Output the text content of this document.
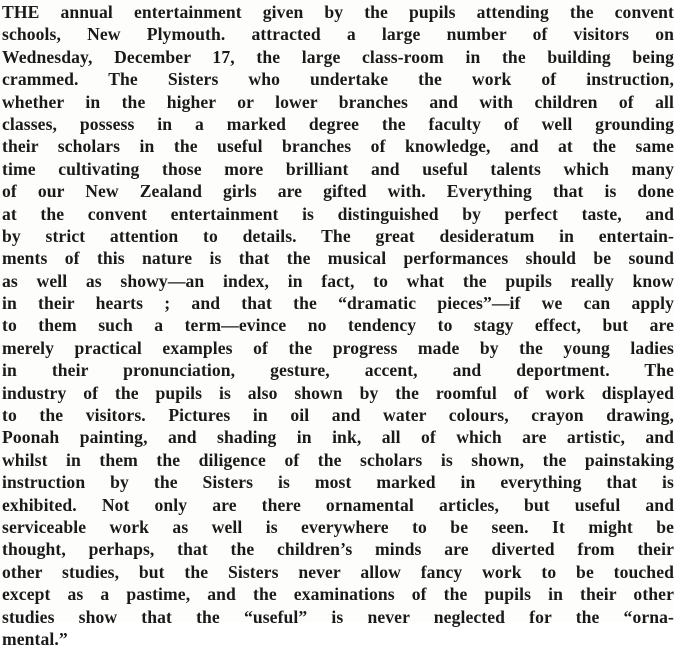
THE annual entertainment given by the pupils attending the convent
schools, New Plymouth. attracted a large number of visitors on
Wednesday, December 17, the large class-room in the building being
crammed. The Sisters who undertake the work of instruction,
whether in the higher or lower branches and with children of all
classes, possess in a marked degree the faculty of well grounding
their scholars in the useful branches of knowledge, and at the same
time cultivating those more brilliant and useful talents which many
of our New Zealand girls are gifted with. Everything that is done
at the convent entertainment is distinguished by perfect taste, and
by strict attention to details. The great desideratum in entertain-
ments of this nature is that the musical performances should be sound
as well as showy—an index, in fact, to what the pupils really know
in their hearts ; and that the “dramatic pieces”—if we can apply
to them such a term—evince no tendency to stagy effect, but are
merely practical examples of the progress made by the young ladies
in their pronunciation, gesture, accent, and deportment. The
industry of the pupils is also shown by the roomful of work displayed
to the visitors. Pictures in oil and water colours, crayon drawing,
Poonah painting, and shading in ink, all of which are artistic, and
whilst in them the diligence of the scholars is shown, the painstaking
instruction by the Sisters is most marked in everything that is
exhibited. Not only are there ornamental articles, but useful and
serviceable work as well is everywhere to be seen. It might be
thought, perhaps, that the children’s minds are diverted from their
other studies, but the Sisters never allow fancy work to be touched
except as a pastime, and the examinations of the pupils in their other
studies show that the “useful” is never neglected for the “orna-
mental.”
